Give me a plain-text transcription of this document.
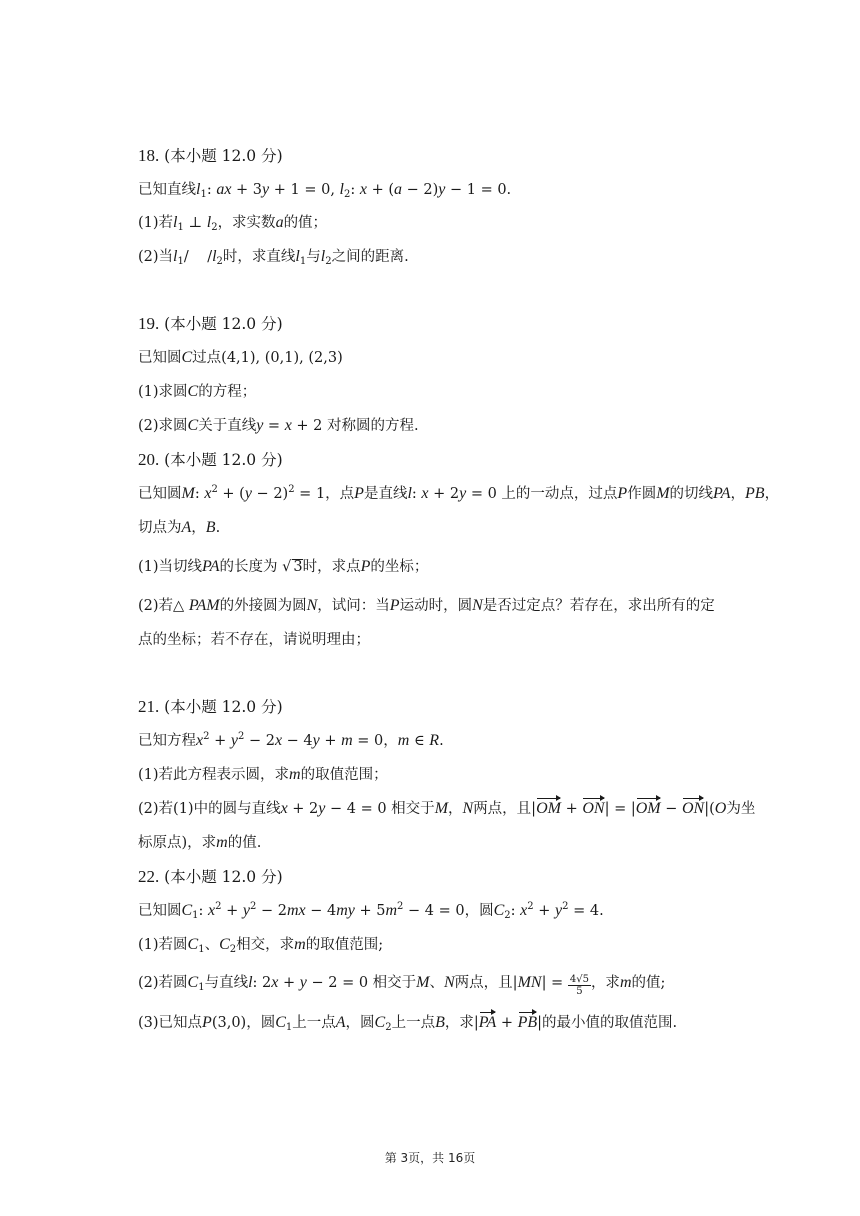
18. (本小题 12.0 分)
已知直线$l_1$: ax + 3y + 1 = 0, $l_2$: x + (a − 2)y − 1 = 0.
(1)若$l_1$ ⊥ $l_2$，求实数a的值；
(2)当$l_1/$    $/l_2$时，求直线$l_1$与$l_2$之间的距离.
19. (本小题 12.0 分)
已知圆C过点(4,1), (0,1), (2,3)
(1)求圆C的方程；
(2)求圆C关于直线y = x + 2 对称圆的方程.
20. (本小题 12.0 分)
已知圆M: $x^2 + (y - 2)^2 = 1$，点P是直线l: x + 2y = 0 上的一动点，过点P作圆M的切线PA，PB，
切点为A，B.
(1)当切线PA的长度为 √ 3时，求点P的坐标；
(2)若△ PAM的外接圆为圆N，试问：当P运动时，圆N是否过定点？若存在，求出所有的定
点的坐标；若不存在，请说明理由；
21. (本小题 12.0 分)
已知方程$x^2 + y^2 - 2x - 4y + m = 0$，m ∈ R.
(1)若此方程表示圆，求m的取值范围；
(2)若(1)中的圆与直线x + 2y − 4 = 0 相交于M，N两点，且|OM + ON| = |OM − ON|(O为坐
标原点)，求m的值.
22. (本小题 12.0 分)
已知圆$C_1$: $x^2 + y^2 - 2mx - 4my + 5m^2 - 4 = 0$，圆$C_2$: $x^2 + y^2 = 4$.
(1)若圆$C_1$、$C_2$相交，求m的取值范围;
(2)若圆$C_1$与直线l: 2x + y − 2 = 0 相交于M、N两点，且$|MN| = \frac{4√5}{5}$ ，求m的值;
(3)已知点P(3,0)，圆$C_1$上一点A，圆$C_2$上一点B，求|PA + PB|的最小值的取值范围.
第 3页，共 16页
